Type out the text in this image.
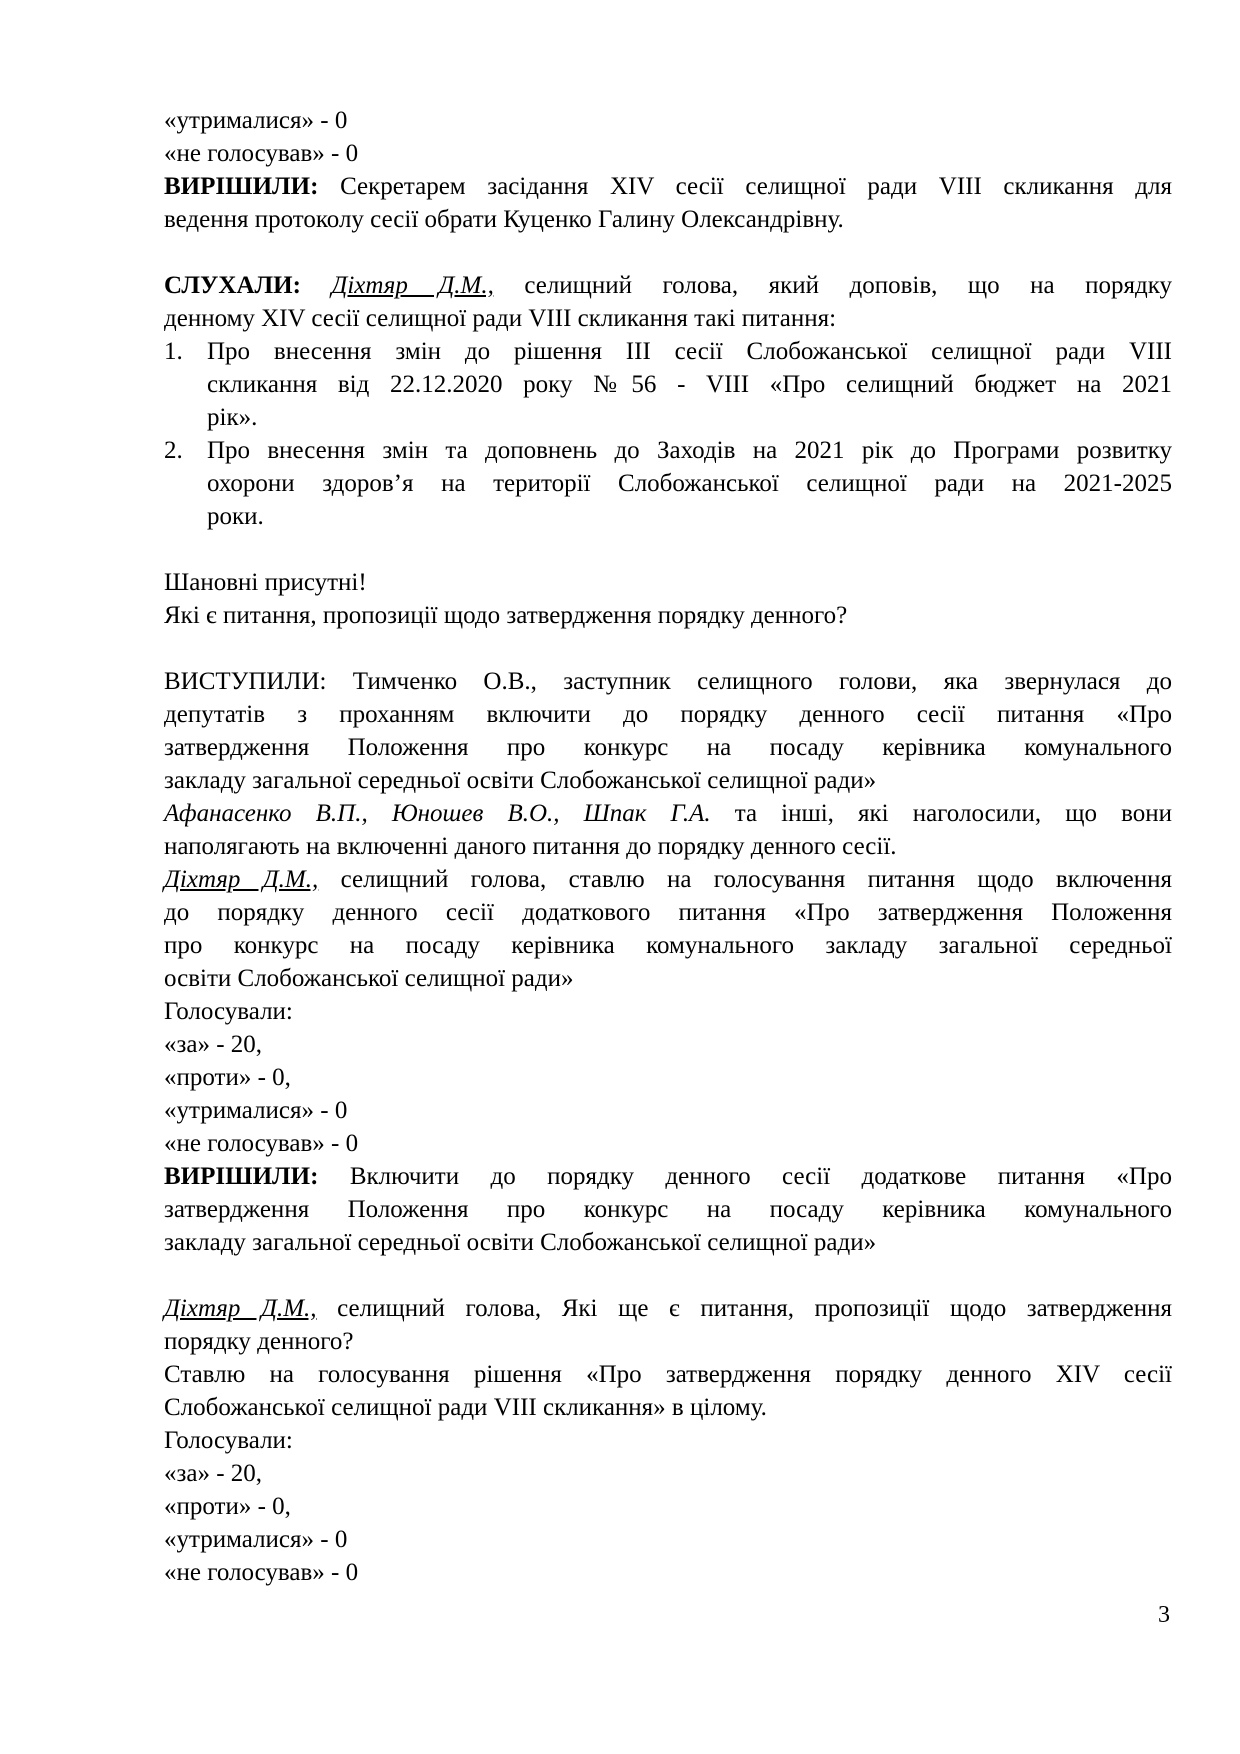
«утрималися» - 0
«не голосував» - 0
ВИРІШИЛИ: Секретарем засідання XIV сесії селищної ради VIII скликання для
ведення протоколу сесії обрати Куценко Галину Олександрівну.
СЛУХАЛИ: Діхтяр Д.М., селищний голова, який доповів, що на порядку
денному XIV сесії селищної ради VIII скликання такі питання:
1. Про внесення змін до рішення ІІІ сесії Слобожанської селищної ради VIII
скликання від 22.12.2020 року №56 - VIII «Про селищний бюджет на 2021
рік».
2. Про внесення змін та доповнень до Заходів на 2021 рік до Програми розвитку
охорони здоров’я на території Слобожанської селищної ради на 2021-2025
роки.
Шановні присутні!
Які є питання, пропозиції щодо затвердження порядку денного?
ВИСТУПИЛИ: Тимченко О.В., заступник селищного голови, яка звернулася до
депутатів з проханням включити до порядку денного сесії питання «Про
затвердження Положення про конкурс на посаду керівника комунального
закладу загальної середньої освіти Слобожанської селищної ради»
Афанасенко В.П., Юношев В.О., Шпак Г.А. та інші, які наголосили, що вони
наполягають на включенні даного питання до порядку денного сесії.
Діхтяр Д.М., селищний голова, ставлю на голосування питання щодо включення
до порядку денного сесії додаткового питання «Про затвердження Положення
про конкурс на посаду керівника комунального закладу загальної середньої
освіти Слобожанської селищної ради»
Голосували:
«за» - 20,
«проти» - 0,
«утрималися» - 0
«не голосував» - 0
ВИРІШИЛИ: Включити до порядку денного сесії додаткове питання «Про
затвердження Положення про конкурс на посаду керівника комунального
закладу загальної середньої освіти Слобожанської селищної ради»
Діхтяр Д.М., селищний голова, Які ще є питання, пропозиції щодо затвердження
порядку денного?
Ставлю на голосування рішення «Про затвердження порядку денного XIV сесії
Слобожанської селищної ради VIII скликання» в цілому.
Голосували:
«за» - 20,
«проти» - 0,
«утрималися» - 0
«не голосував» - 0
3
